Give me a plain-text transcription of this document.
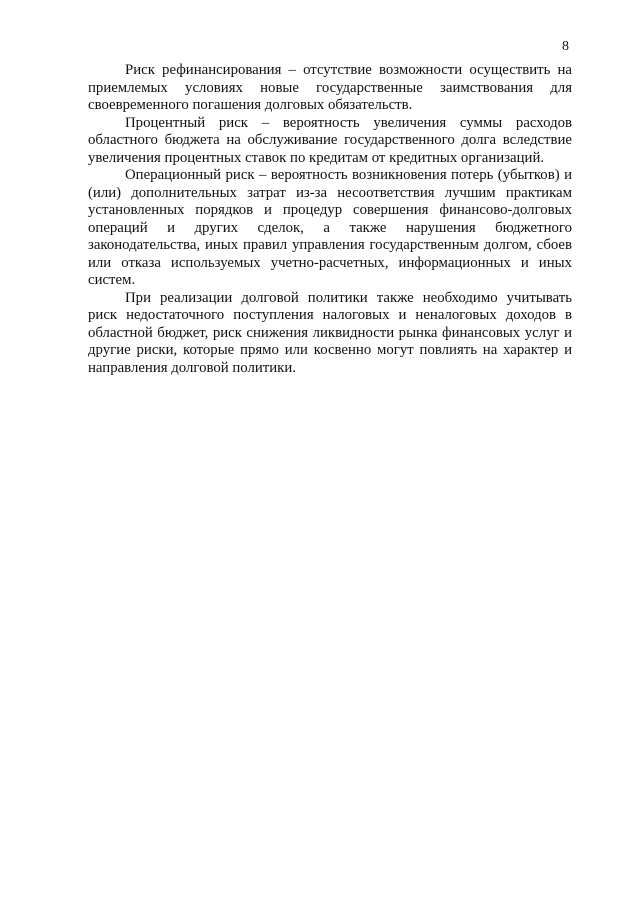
8

Риск рефинансирования – отсутствие возможности осуществить на приемлемых условиях новые государственные заимствования для своевременного погашения долговых обязательств.

Процентный риск – вероятность увеличения суммы расходов областного бюджета на обслуживание государственного долга вследствие увеличения процентных ставок по кредитам от кредитных организаций.

Операционный риск – вероятность возникновения потерь (убытков) и (или) дополнительных затрат из-за несоответствия лучшим практикам установленных порядков и процедур совершения финансово-долговых операций и других сделок, а также нарушения бюджетного законодательства, иных правил управления государственным долгом, сбоев или отказа используемых учетно-расчетных, информационных и иных систем.

При реализации долговой политики также необходимо учитывать риск недостаточного поступления налоговых и неналоговых доходов в областной бюджет, риск снижения ликвидности рынка финансовых услуг и другие риски, которые прямо или косвенно могут повлиять на характер и направления долговой политики.
